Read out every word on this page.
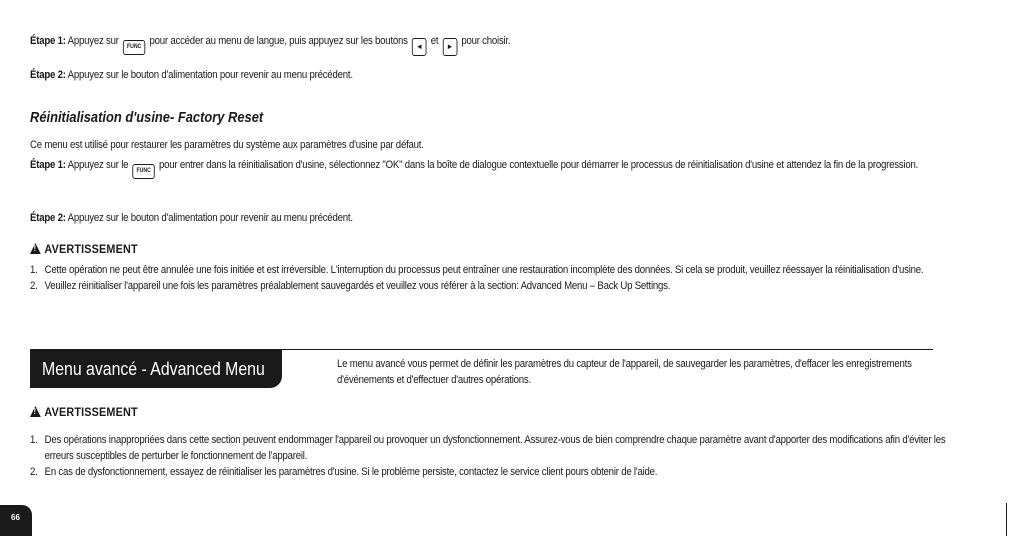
Étape 1: Appuyez sur FUNC pour accéder au menu de langue, puis appuyez sur les boutons ◄ et ► pour choisir.
Étape 2: Appuyez sur le bouton d'alimentation pour revenir au menu précédent.
Réinitialisation d'usine- Factory Reset
Ce menu est utilisé pour restaurer les paramètres du système aux paramètres d'usine par défaut.
Étape 1: Appuyez sur le FUNC pour entrer dans la réinitialisation d'usine, sélectionnez "OK" dans la boîte de dialogue contextuelle pour démarrer le processus de réinitialisation d'usine et attendez la fin de la progression.
Étape 2: Appuyez sur le bouton d'alimentation pour revenir au menu précédent.
!AVERTISSEMENT
1. Cette opération ne peut être annulée une fois initiée et est irréversible. L'interruption du processus peut entraîner une restauration incomplète des données. Si cela se produit, veuillez réessayer la réinitialisation d'usine.
2. Veuillez réinitialiser l'appareil une fois les paramètres préalablement sauvegardés et veuillez vous référer à la section: Advanced Menu – Back Up Settings.
Menu avancé - Advanced Menu	Le menu avancé vous permet de définir les paramètres du capteur de l'appareil, de sauvegarder les paramètres, d'effacer les enregistrements d'événements et d'effectuer d'autres opérations.
!AVERTISSEMENT
1. Des opérations inappropriées dans cette section peuvent endommager l'appareil ou provoquer un dysfonctionnement. Assurez-vous de bien comprendre chaque paramètre avant d'apporter des modifications afin d'éviter les erreurs susceptibles de perturber le fonctionnement de l'appareil.
2. En cas de dysfonctionnement, essayez de réinitialiser les paramètres d'usine. Si le problème persiste, contactez le service client pours obtenir de l'aide.
66
